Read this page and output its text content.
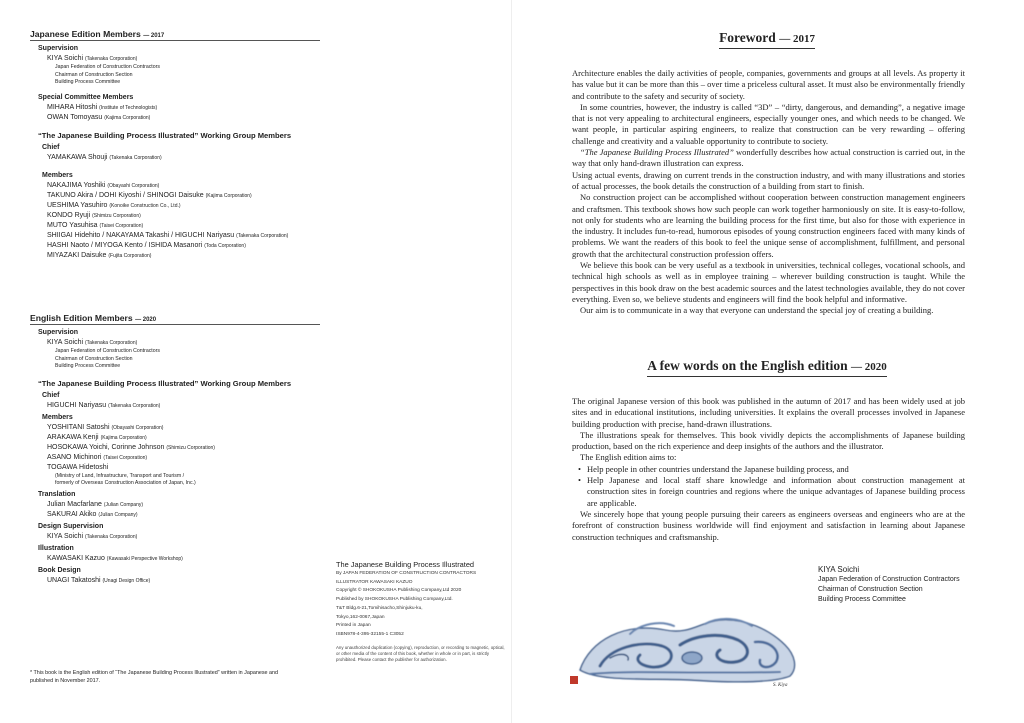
Japanese Edition Members — 2017
Supervision
KIYA Soichi (Takenaka Corporation)
Japan Federation of Construction Contractors
Chairman of Construction Section
Building Process Committee
Special Committee Members
MIHARA Hitoshi (Institute of Technologists)
OWAN Tomoyasu (Kajima Corporation)
“The Japanese Building Process Illustrated” Working Group Members
Chief
YAMAKAWA Shouji (Takenaka Corporation)
Members
NAKAJIMA Yoshiki (Obayashi Corporation)
TAKUNO Akira / DOHI Kiyoshi / SHINOGI Daisuke (Kajima Corporation)
UESHIMA Yasuhiro (Konoike Construction Co., Ltd.)
KONDO Ryuji (Shimizu Corporation)
MUTO Yasuhisa (Taisei Corporation)
SHIIGAI Hidehito / NAKAYAMA Takashi / HIGUCHI Nariyasu (Takenaka Corporation)
HASHI Naoto / MIYOGA Kento / ISHIDA Masanori (Toda Corporation)
MIYAZAKI Daisuke (Fujita Corporation)
English Edition Members — 2020
Supervision
KIYA Soichi (Takenaka Corporation)
Japan Federation of Construction Contractors
Chairman of Construction Section
Building Process Committee
“The Japanese Building Process Illustrated” Working Group Members
Chief
HIGUCHI Nariyasu (Takenaka Corporation)
Members
YOSHITANI Satoshi (Obayashi Corporation)
ARAKAWA Kenji (Kajima Corporation)
HOSOKAWA Yoichi, Corinne Johnson (Shimizu Corporation)
ASANO Michinori (Taisei Corporation)
TOGAWA Hidetoshi
(Ministry of Land, Infrastructure, Transport and Tourism /
formerly of Overseas Construction Association of Japan, Inc.)
Translation
Julian Macfarlane (Julian Company)
SAKURAI Akiko (Julian Company)
Design Supervision
KIYA Soichi (Takenaka Corporation)
Illustration
KAWASAKI Kazuo (Kawasaki Perspective Workshop)
Book Design
UNAGI Takatoshi (Unagi Design Office)
The Japanese Building Process Illustrated
By JAPAN FEDERATION OF CONSTRUCTION CONTRACTORS
ILLUSTRATOR KAWASAKI KAZUO
Copyright © SHOKOKUSHA Publishing Company,Ltd 2020
Published by SHOKOKUSHA Publishing Company,Ltd.
T&T Bldg.6-21,Tomihisacho,Shinjuku-ku,
Tokyo,162-0067,Japan
Printed in Japan
ISBN978-4-395-32155-1 C3052
Any unauthorized duplication (copying), reproduction, or recording to magnetic, optical, or other media of the content of this book, whether in whole or in part, is strictly prohibited. Please contact the publisher for authorization.
* This book is the English edition of “The Japanese Building Process Illustrated” written in Japanese and published in November 2017.
Foreword — 2017

Architecture enables the daily activities of people, companies, governments and groups at all levels. As property it has value but it can be more than this – over time a priceless cultural asset. It must also be environmentally friendly and contribute to the safety and security of society.

In some countries, however, the industry is called “3D” – “dirty, dangerous, and demanding”, a negative image that is not very appealing to architectural engineers, especially younger ones, and which needs to be changed. We want people, in particular aspiring engineers, to realize that construction can be very rewarding – offering challenge and creativity and a valuable opportunity to contribute to society.

“The Japanese Building Process Illustrated” wonderfully describes how actual construction is carried out, in the way that only hand-drawn illustration can express.

Using actual events, drawing on current trends in the construction industry, and with many illustrations and stories of actual processes, the book details the construction of a building from start to finish.

No construction project can be accomplished without cooperation between construction management engineers and craftsmen. This textbook shows how such people can work together harmoniously on site. It is easy-to-follow, not only for students who are learning the building process for the first time, but also for those with experience in the industry. It includes fun-to-read, humorous episodes of young construction engineers faced with many kinds of problems. We want the readers of this book to feel the unique sense of accomplishment, fulfillment, and personal growth that the architectural construction profession offers.

We believe this book can be very useful as a textbook in universities, technical colleges, vocational schools, and technical high schools as well as in employee training – wherever building construction is taught. While the perspectives in this book draw on the best academic sources and the latest technologies available, they do not cover everything. Even so, we believe students and engineers will find the book helpful and informative.

Our aim is to communicate in a way that everyone can understand the special joy of creating a building.

A few words on the English edition — 2020

The original Japanese version of this book was published in the autumn of 2017 and has been widely used at job sites and in educational institutions, including universities. It explains the overall processes involved in Japanese building production with precise, hand-drawn illustrations.

The illustrations speak for themselves. This book vividly depicts the accomplishments of Japanese building production, based on the rich experience and deep insights of the authors and the illustrator.

The English edition aims to:

• Help people in other countries understand the Japanese building process, and
• Help Japanese and local staff share knowledge and information about construction management at construction sites in foreign countries and regions where the unique advantages of Japanese building process are applicable.

We sincerely hope that young people pursuing their careers as engineers overseas and engineers who are at the forefront of construction business worldwide will find enjoyment and satisfaction in learning about Japanese construction techniques and craftsmanship.

KIYA Soichi
Japan Federation of Construction Contractors
Chairman of Construction Section
Building Process Committee
S. Kiya
